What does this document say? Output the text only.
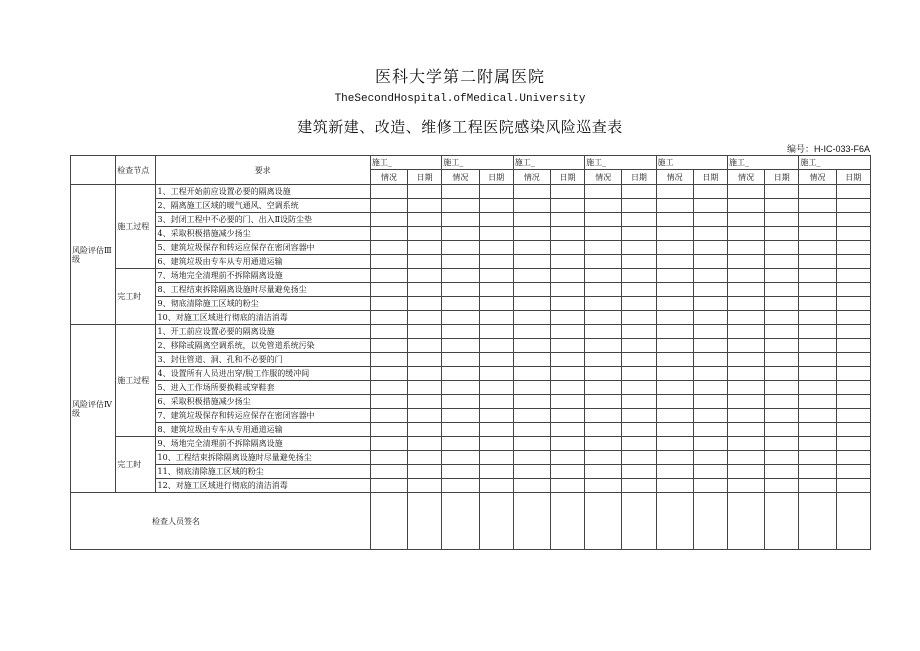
医科大学第二附属医院
TheSecondHospital.ofMedical.University
建筑新建、改造、维修工程医院感染风险巡查表
编号：H-IC-033-F6A
	检查节点	要求	施工_		施工_		施工_		施工_		施工		施工_		施工_	
			情况	日期	情况	日期	情况	日期	情况	日期	情况	日期	情况	日期	情况	日期
风险评估Ⅲ级	施工过程	1、工程开始前应设置必要的隔离设施														
		2、隔离施工区域的暖气通风、空调系统														
		3、封闭工程中不必要的门、出入Ⅱ设防尘垫														
		4、采取积极措施减少扬尘														
		5、建筑垃圾保存和转运应保存在密闭容器中														
		6、建筑垃圾由专车从专用通道运输														
	完工时	7、场地完全清理前不拆除隔离设施														
		8、工程结束拆除隔离设施时尽量避免扬尘														
		9、彻底清除施工区域的粉尘														
		10、对施工区域进行彻底的清洁消毒														
风险评估Ⅳ级	施工过程	1、开工前应设置必要的隔离设施														
		2、移除或隔离空调系统，以免管道系统污染														
		3、封住管道、洞、孔和不必要的门														
		4、设置所有人员进出穿/脱工作服的缓冲间														
		5、进入工作场所要换鞋或穿鞋套														
		6、采取积极措施减少扬尘														
		7、建筑垃圾保存和转运应保存在密闭容器中														
		8、建筑垃圾由专车从专用通道运输														
	完工时	9、场地完全清理前不拆除隔离设施														
		10、工程结束拆除隔离设施时尽量避免扬尘														
		11、彻底清除施工区域的粉尘														
		12、对施工区域进行彻底的清洁消毒														
检查人员签名																
